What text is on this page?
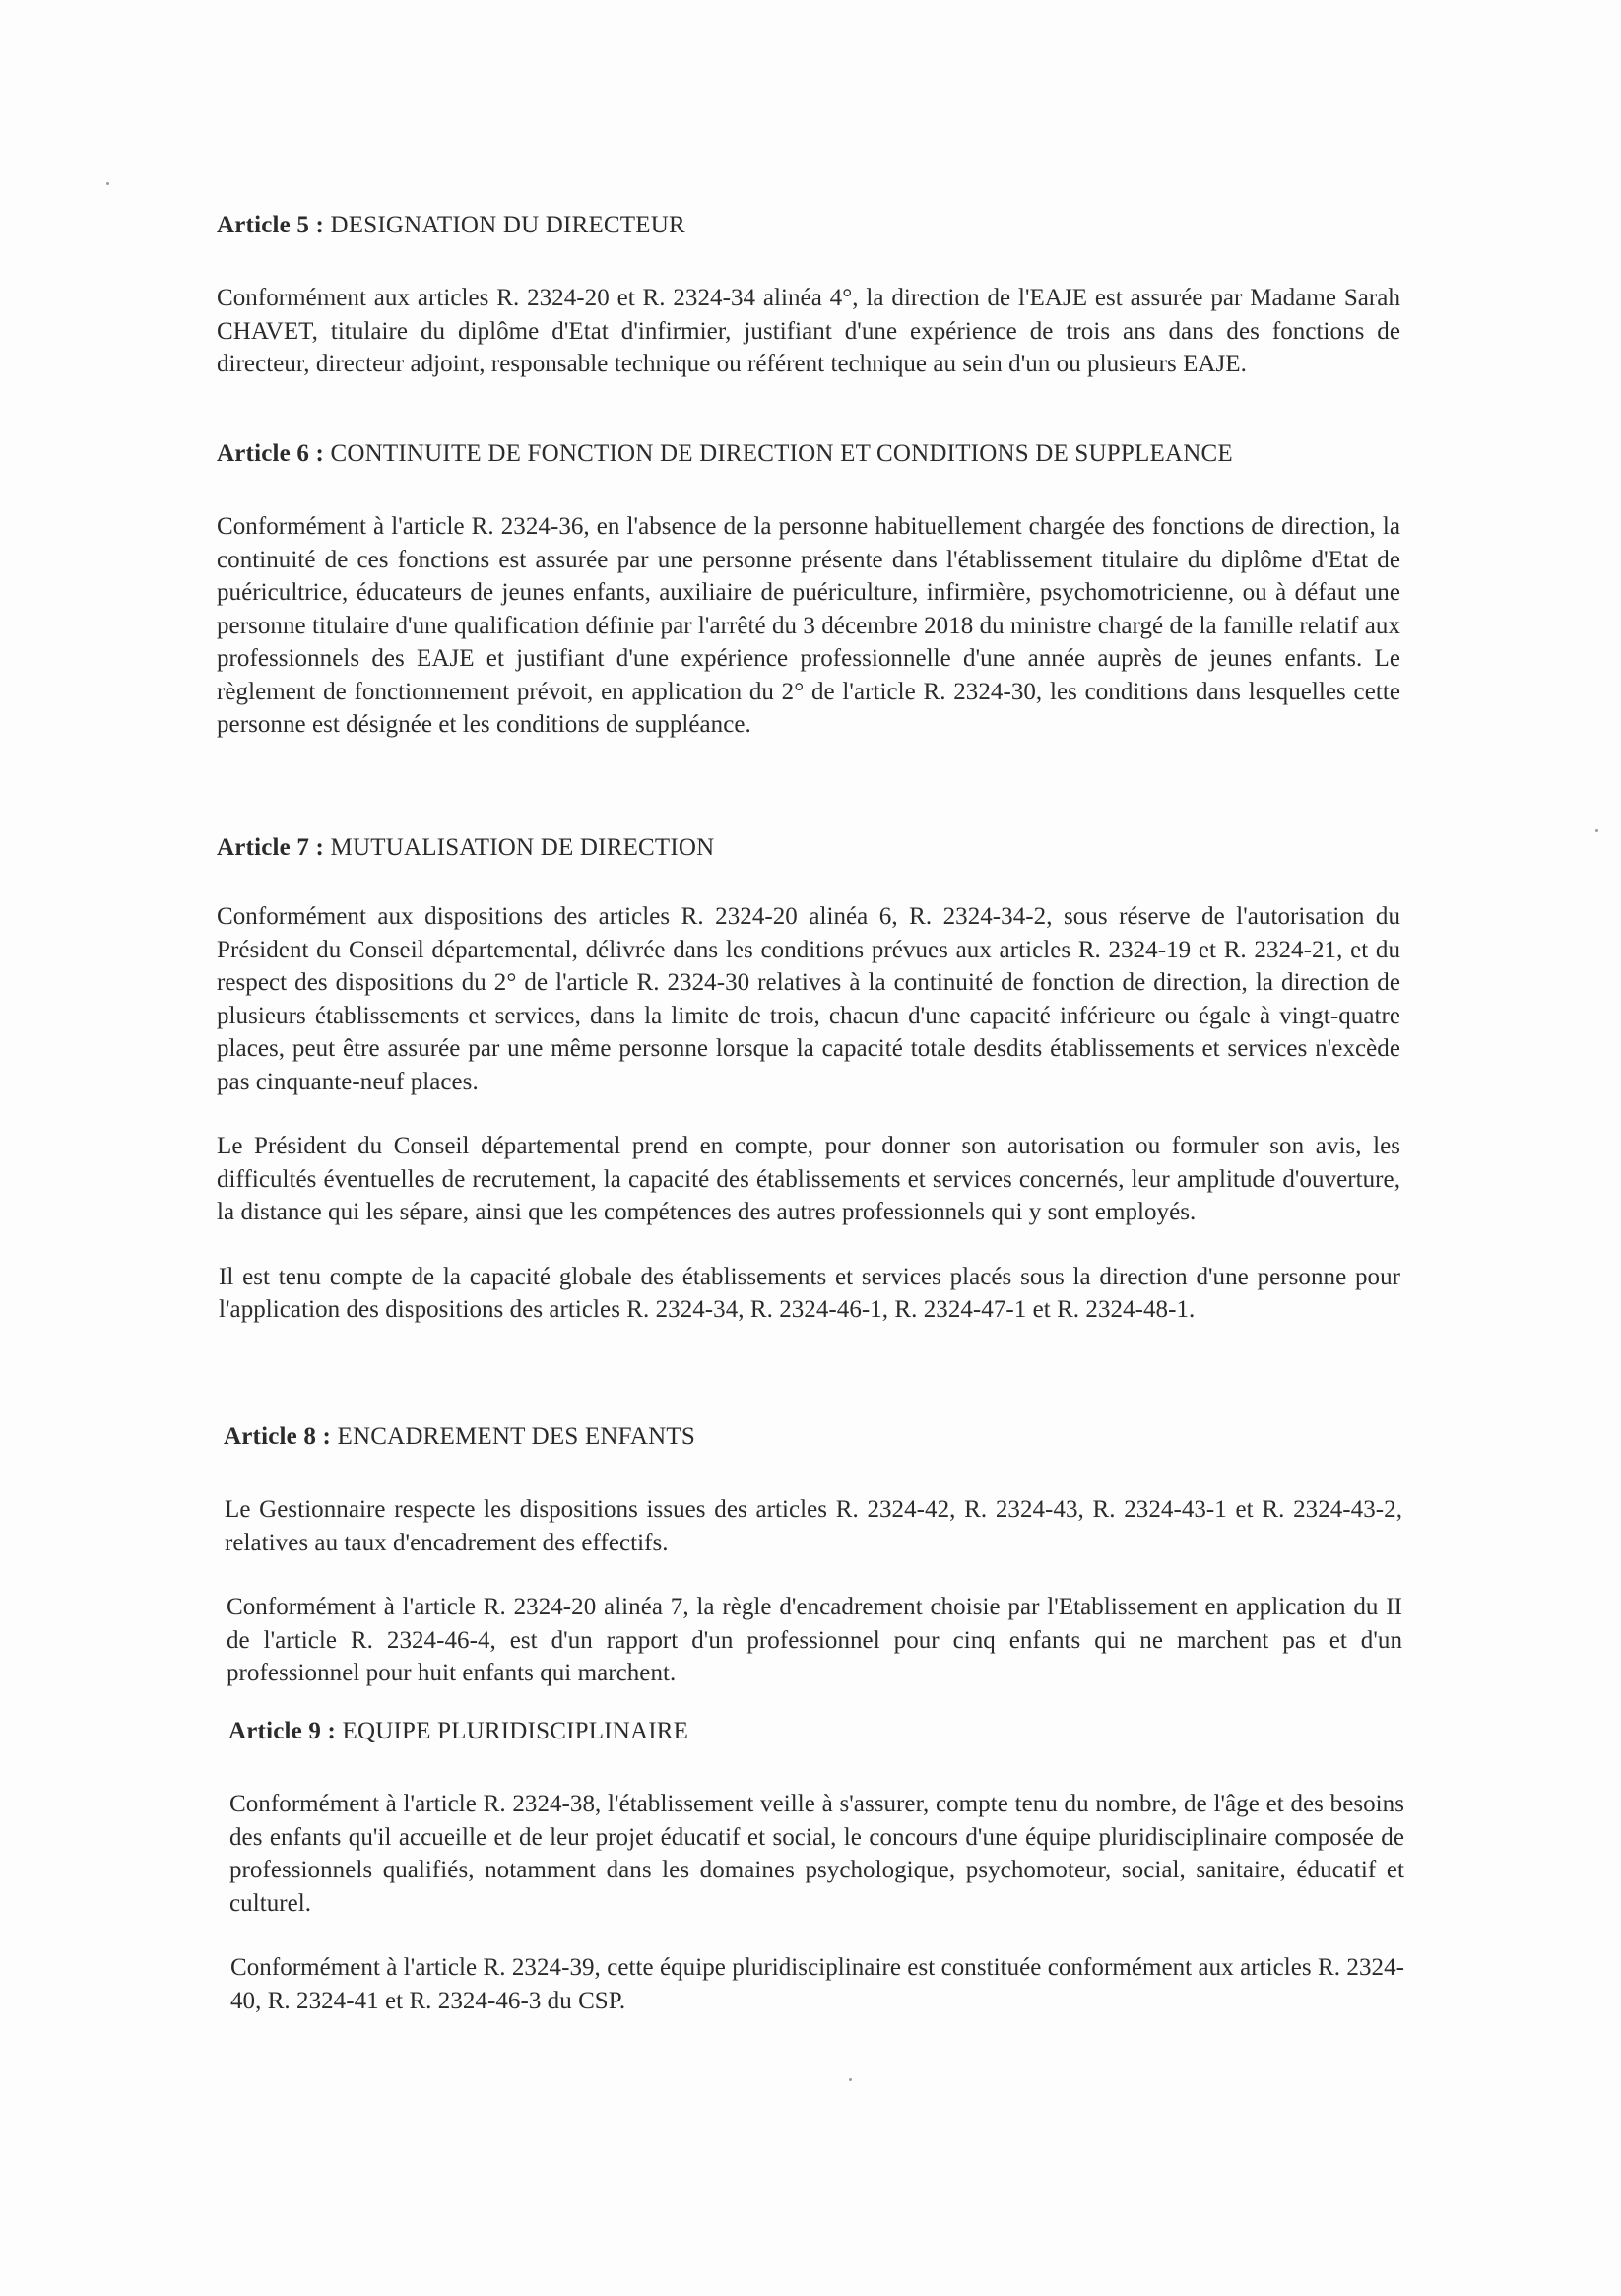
Article 5 : DESIGNATION DU DIRECTEUR

Conformément aux articles R. 2324-20 et R. 2324-34 alinéa 4°, la direction de l'EAJE est assurée par Madame Sarah CHAVET, titulaire du diplôme d'Etat d'infirmier, justifiant d'une expérience de trois ans dans des fonctions de directeur, directeur adjoint, responsable technique ou référent technique au sein d'un ou plusieurs EAJE.

Article 6 : CONTINUITE DE FONCTION DE DIRECTION ET CONDITIONS DE SUPPLEANCE

Conformément à l'article R. 2324-36, en l'absence de la personne habituellement chargée des fonctions de direction, la continuité de ces fonctions est assurée par une personne présente dans l'établissement titulaire du diplôme d'Etat de puéricultrice, éducateurs de jeunes enfants, auxiliaire de puériculture, infirmière, psychomotricienne, ou à défaut une personne titulaire d'une qualification définie par l'arrêté du 3 décembre 2018 du ministre chargé de la famille relatif aux professionnels des EAJE et justifiant d'une expérience professionnelle d'une année auprès de jeunes enfants. Le règlement de fonctionnement prévoit, en application du 2° de l'article R. 2324-30, les conditions dans lesquelles cette personne est désignée et les conditions de suppléance.

Article 7 : MUTUALISATION DE DIRECTION

Conformément aux dispositions des articles R. 2324-20 alinéa 6, R. 2324-34-2, sous réserve de l'autorisation du Président du Conseil départemental, délivrée dans les conditions prévues aux articles R. 2324-19 et R. 2324-21, et du respect des dispositions du 2° de l'article R. 2324-30 relatives à la continuité de fonction de direction, la direction de plusieurs établissements et services, dans la limite de trois, chacun d'une capacité inférieure ou égale à vingt-quatre places, peut être assurée par une même personne lorsque la capacité totale desdits établissements et services n'excède pas cinquante-neuf places.

Le Président du Conseil départemental prend en compte, pour donner son autorisation ou formuler son avis, les difficultés éventuelles de recrutement, la capacité des établissements et services concernés, leur amplitude d'ouverture, la distance qui les sépare, ainsi que les compétences des autres professionnels qui y sont employés.

Il est tenu compte de la capacité globale des établissements et services placés sous la direction d'une personne pour l'application des dispositions des articles R. 2324-34, R. 2324-46-1, R. 2324-47-1 et R. 2324-48-1.

Article 8 : ENCADREMENT DES ENFANTS

Le Gestionnaire respecte les dispositions issues des articles R. 2324-42, R. 2324-43, R. 2324-43-1 et R. 2324-43-2, relatives au taux d'encadrement des effectifs.

Conformément à l'article R. 2324-20 alinéa 7, la règle d'encadrement choisie par l'Etablissement en application du II de l'article R. 2324-46-4, est d'un rapport d'un professionnel pour cinq enfants qui ne marchent pas et d'un professionnel pour huit enfants qui marchent.

Article 9 : EQUIPE PLURIDISCIPLINAIRE

Conformément à l'article R. 2324-38, l'établissement veille à s'assurer, compte tenu du nombre, de l'âge et des besoins des enfants qu'il accueille et de leur projet éducatif et social, le concours d'une équipe pluridisciplinaire composée de professionnels qualifiés, notamment dans les domaines psychologique, psychomoteur, social, sanitaire, éducatif et culturel.

Conformément à l'article R. 2324-39, cette équipe pluridisciplinaire est constituée conformément aux articles R. 2324-40, R. 2324-41 et R. 2324-46-3 du CSP.
